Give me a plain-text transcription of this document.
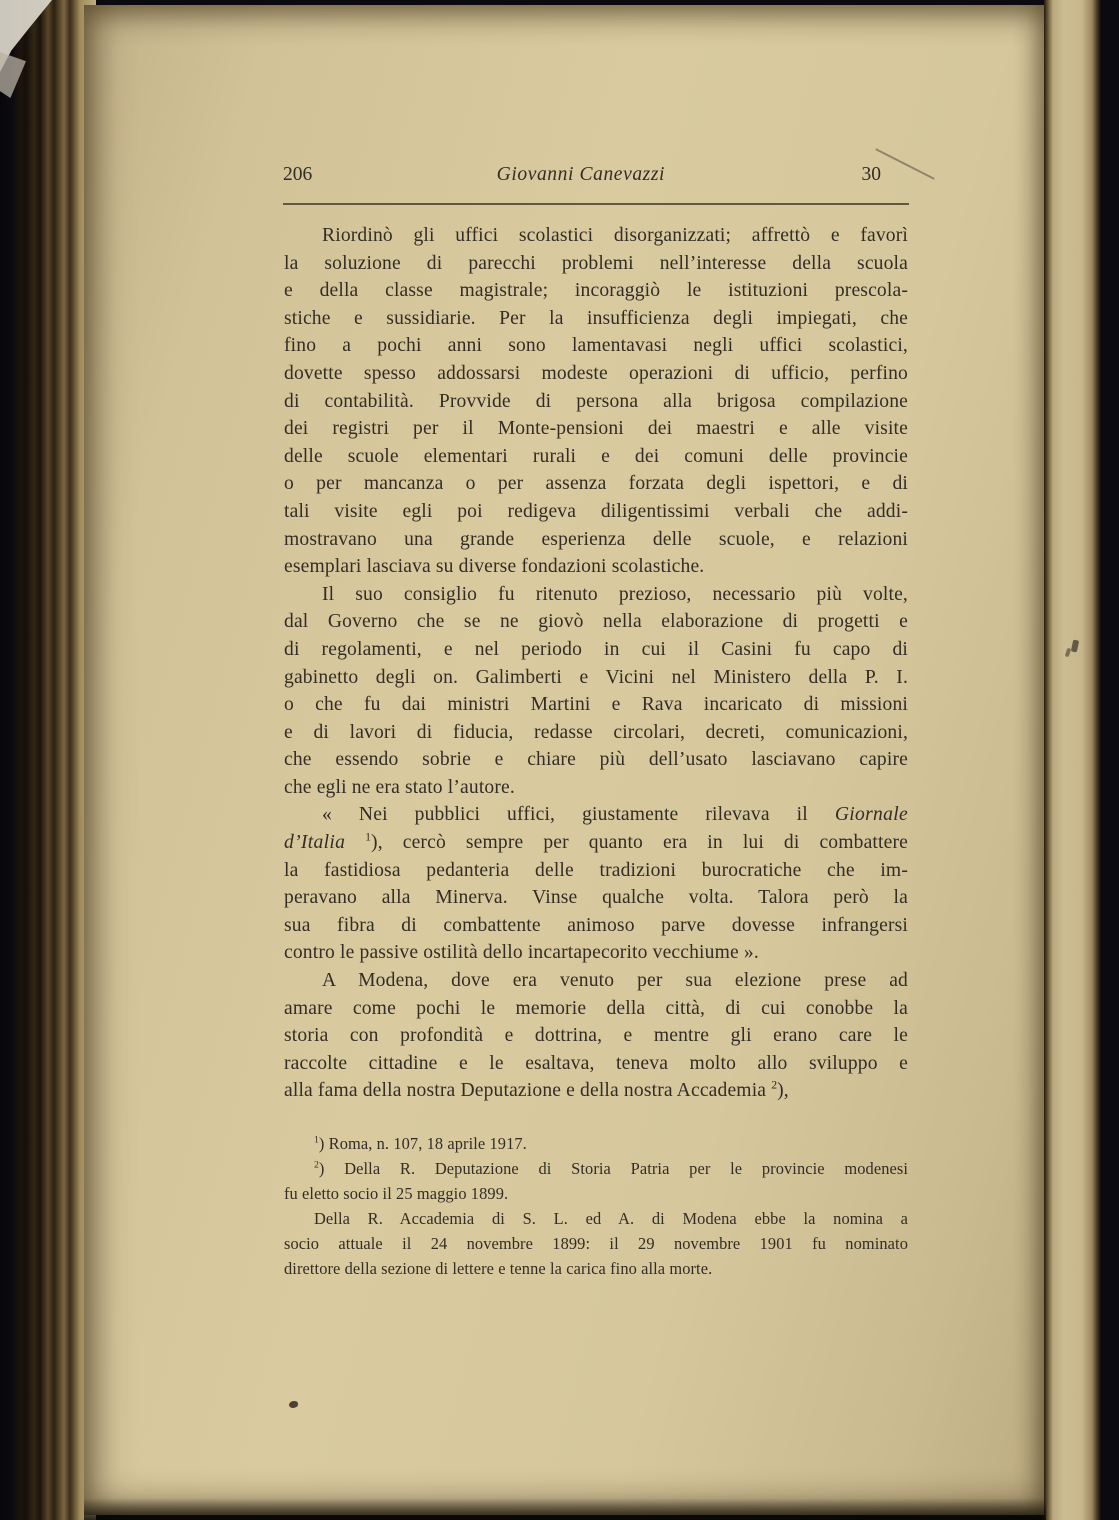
206	Giovanni Canevazzi	30
Riordinò gli uffici scolastici disorganizzati; affrettò e favorì
la soluzione di parecchi problemi nell’interesse della scuola
e della classe magistrale; incoraggiò le istituzioni prescola-
stiche e sussidiarie. Per la insufficienza degli impiegati, che
fino a pochi anni sono lamentavasi negli uffici scolastici,
dovette spesso addossarsi modeste operazioni di ufficio, perfino
di contabilità. Provvide di persona alla brigosa compilazione
dei registri per il Monte-pensioni dei maestri e alle visite
delle scuole elementari rurali e dei comuni delle provincie
o per mancanza o per assenza forzata degli ispettori, e di
tali visite egli poi redigeva diligentissimi verbali che addi-
mostravano una grande esperienza delle scuole, e relazioni
esemplari lasciava su diverse fondazioni scolastiche.
Il suo consiglio fu ritenuto prezioso, necessario più volte,
dal Governo che se ne giovò nella elaborazione di progetti e
di regolamenti, e nel periodo in cui il Casini fu capo di
gabinetto degli on. Galimberti e Vicini nel Ministero della P. I.
o che fu dai ministri Martini e Rava incaricato di missioni
e di lavori di fiducia, redasse circolari, decreti, comunicazioni,
che essendo sobrie e chiare più dell’usato lasciavano capire
che egli ne era stato l’autore.
« Nei pubblici uffici, giustamente rilevava il Giornale
d’Italia $^1$), cercò sempre per quanto era in lui di combattere
la fastidiosa pedanteria delle tradizioni burocratiche che im-
peravano alla Minerva. Vinse qualche volta. Talora però la
sua fibra di combattente animoso parve dovesse infrangersi
contro le passive ostilità dello incartapecorito vecchiume ».
A Modena, dove era venuto per sua elezione prese ad
amare come pochi le memorie della città, di cui conobbe la
storia con profondità e dottrina, e mentre gli erano care le
raccolte cittadine e le esaltava, teneva molto allo sviluppo e
alla fama della nostra Deputazione e della nostra Accademia $^2$),
$^1$) Roma, n. 107, 18 aprile 1917.
$^2$) Della R. Deputazione di Storia Patria per le provincie modenesi
fu eletto socio il 25 maggio 1899.
Della R. Accademia di S. L. ed A. di Modena ebbe la nomina a
socio attuale il 24 novembre 1899: il 29 novembre 1901 fu nominato
direttore della sezione di lettere e tenne la carica fino alla morte.
